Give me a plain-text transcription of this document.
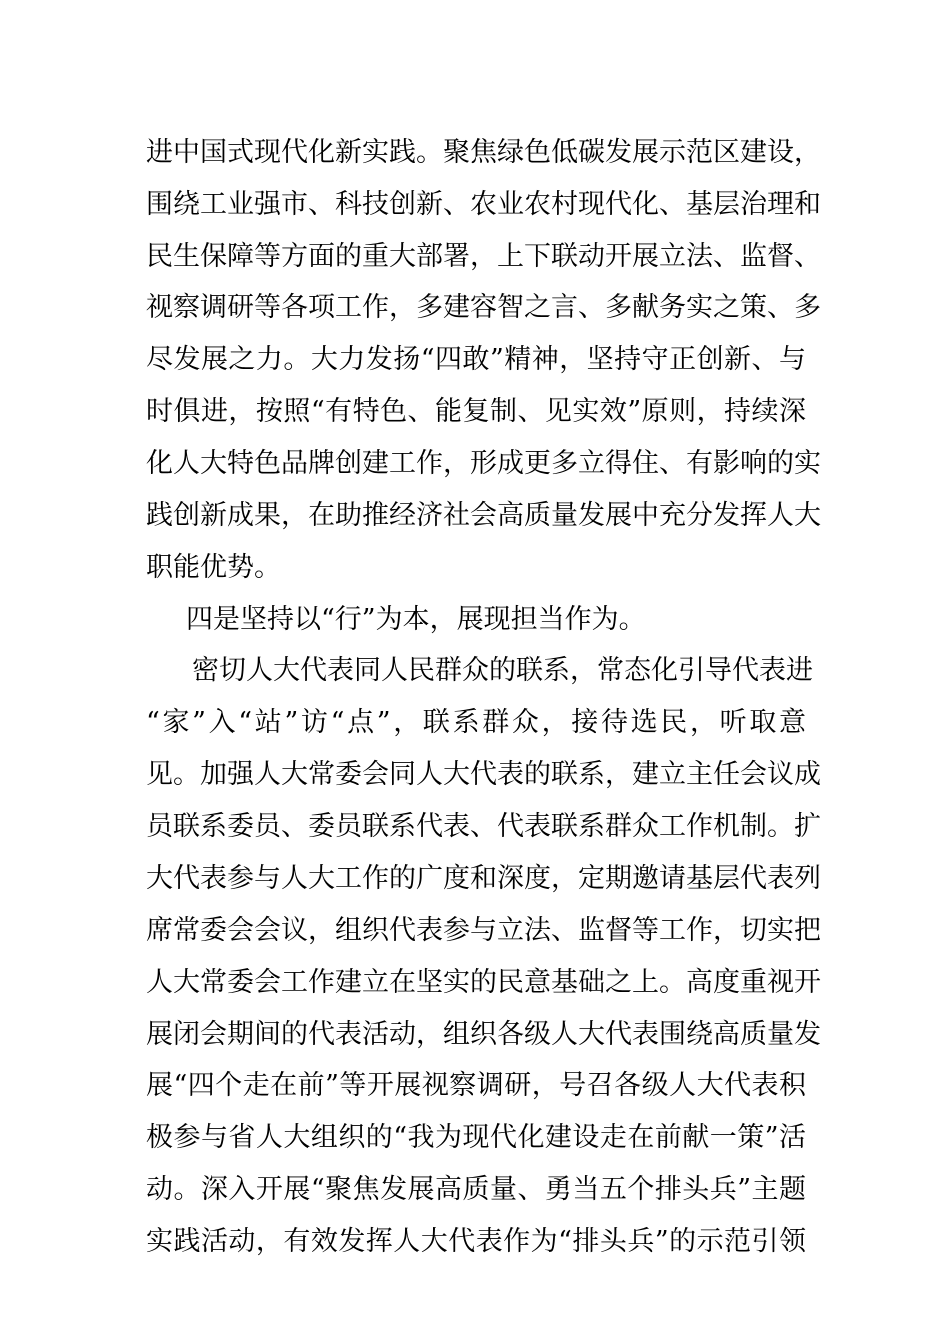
进中国式现代化新实践。聚焦绿色低碳发展示范区建设，
围绕工业强市、科技创新、农业农村现代化、基层治理和
民生保障等方面的重大部署，上下联动开展立法、监督、
视察调研等各项工作，多建容智之言、多献务实之策、多
尽发展之力。大力发扬“四敢”精神，坚持守正创新、与
时俱进，按照“有特色、能复制、见实效”原则，持续深
化人大特色品牌创建工作，形成更多立得住、有影响的实
践创新成果，在助推经济社会高质量发展中充分发挥人大
职能优势。
四是坚持以“行”为本，展现担当作为。
密切人大代表同人民群众的联系，常态化引导代表进
“家”入“站”访“点”，联系群众，接待选民，听取意
见。加强人大常委会同人大代表的联系，建立主任会议成
员联系委员、委员联系代表、代表联系群众工作机制。扩
大代表参与人大工作的广度和深度，定期邀请基层代表列
席常委会会议，组织代表参与立法、监督等工作，切实把
人大常委会工作建立在坚实的民意基础之上。高度重视开
展闭会期间的代表活动，组织各级人大代表围绕高质量发
展“四个走在前”等开展视察调研，号召各级人大代表积
极参与省人大组织的“我为现代化建设走在前献一策”活
动。深入开展“聚焦发展高质量、勇当五个排头兵”主题
实践活动，有效发挥人大代表作为“排头兵”的示范引领
